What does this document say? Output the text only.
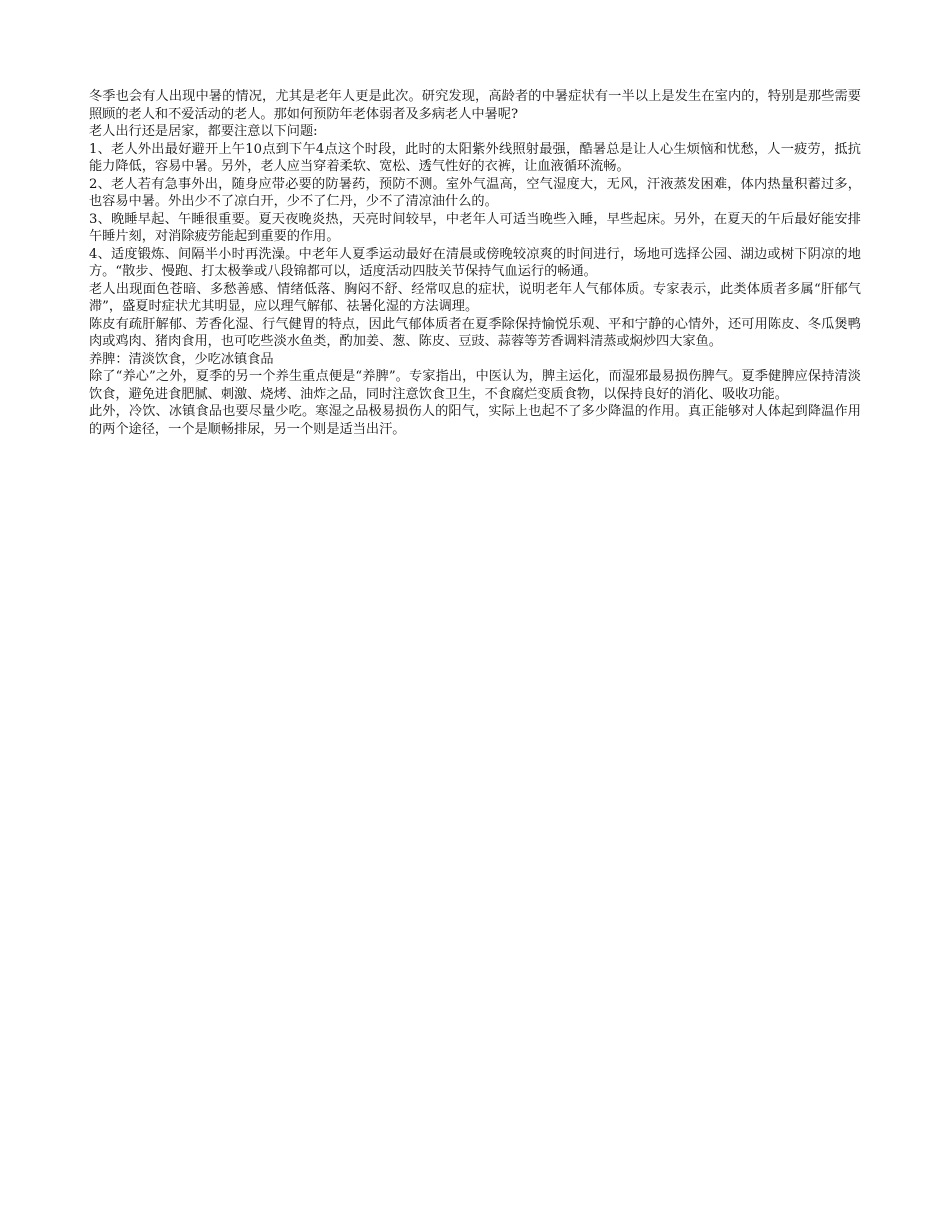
冬季也会有人出现中暑的情况，尤其是老年人更是此次。研究发现，高龄者的中暑症状有一半以上是发生在室内的，特别是那些需要照顾的老人和不爱活动的老人。那如何预防年老体弱者及多病老人中暑呢?

老人出行还是居家，都要注意以下问题:

1、老人外出最好避开上午10点到下午4点这个时段，此时的太阳紫外线照射最强，酷暑总是让人心生烦恼和忧愁，人一疲劳，抵抗能力降低，容易中暑。另外，老人应当穿着柔软、宽松、透气性好的衣裤，让血液循环流畅。

2、老人若有急事外出，随身应带必要的防暑药，预防不测。室外气温高，空气湿度大，无风，汗液蒸发困难，体内热量积蓄过多，也容易中暑。外出少不了凉白开，少不了仁丹，少不了清凉油什么的。

3、晚睡早起、午睡很重要。夏天夜晚炎热，天亮时间较早，中老年人可适当晚些入睡，早些起床。另外，在夏天的午后最好能安排午睡片刻，对消除疲劳能起到重要的作用。

4、适度锻炼、间隔半小时再洗澡。中老年人夏季运动最好在清晨或傍晚较凉爽的时间进行，场地可选择公园、湖边或树下阴凉的地方。“散步、慢跑、打太极拳或八段锦都可以，适度活动四肢关节保持气血运行的畅通。

老人出现面色苍暗、多愁善感、情绪低落、胸闷不舒、经常叹息的症状，说明老年人气郁体质。专家表示，此类体质者多属“肝郁气滞”，盛夏时症状尤其明显，应以理气解郁、祛暑化湿的方法调理。

陈皮有疏肝解郁、芳香化湿、行气健胃的特点，因此气郁体质者在夏季除保持愉悦乐观、平和宁静的心情外，还可用陈皮、冬瓜煲鸭肉或鸡肉、猪肉食用，也可吃些淡水鱼类，酌加姜、葱、陈皮、豆豉、蒜蓉等芳香调料清蒸或焖炒四大家鱼。

养脾：清淡饮食，少吃冰镇食品

除了“养心”之外，夏季的另一个养生重点便是“养脾”。专家指出，中医认为，脾主运化，而湿邪最易损伤脾气。夏季健脾应保持清淡饮食，避免进食肥腻、刺激、烧烤、油炸之品，同时注意饮食卫生，不食腐烂变质食物，以保持良好的消化、吸收功能。

此外，冷饮、冰镇食品也要尽量少吃。寒湿之品极易损伤人的阳气，实际上也起不了多少降温的作用。真正能够对人体起到降温作用的两个途径，一个是顺畅排尿，另一个则是适当出汗。
